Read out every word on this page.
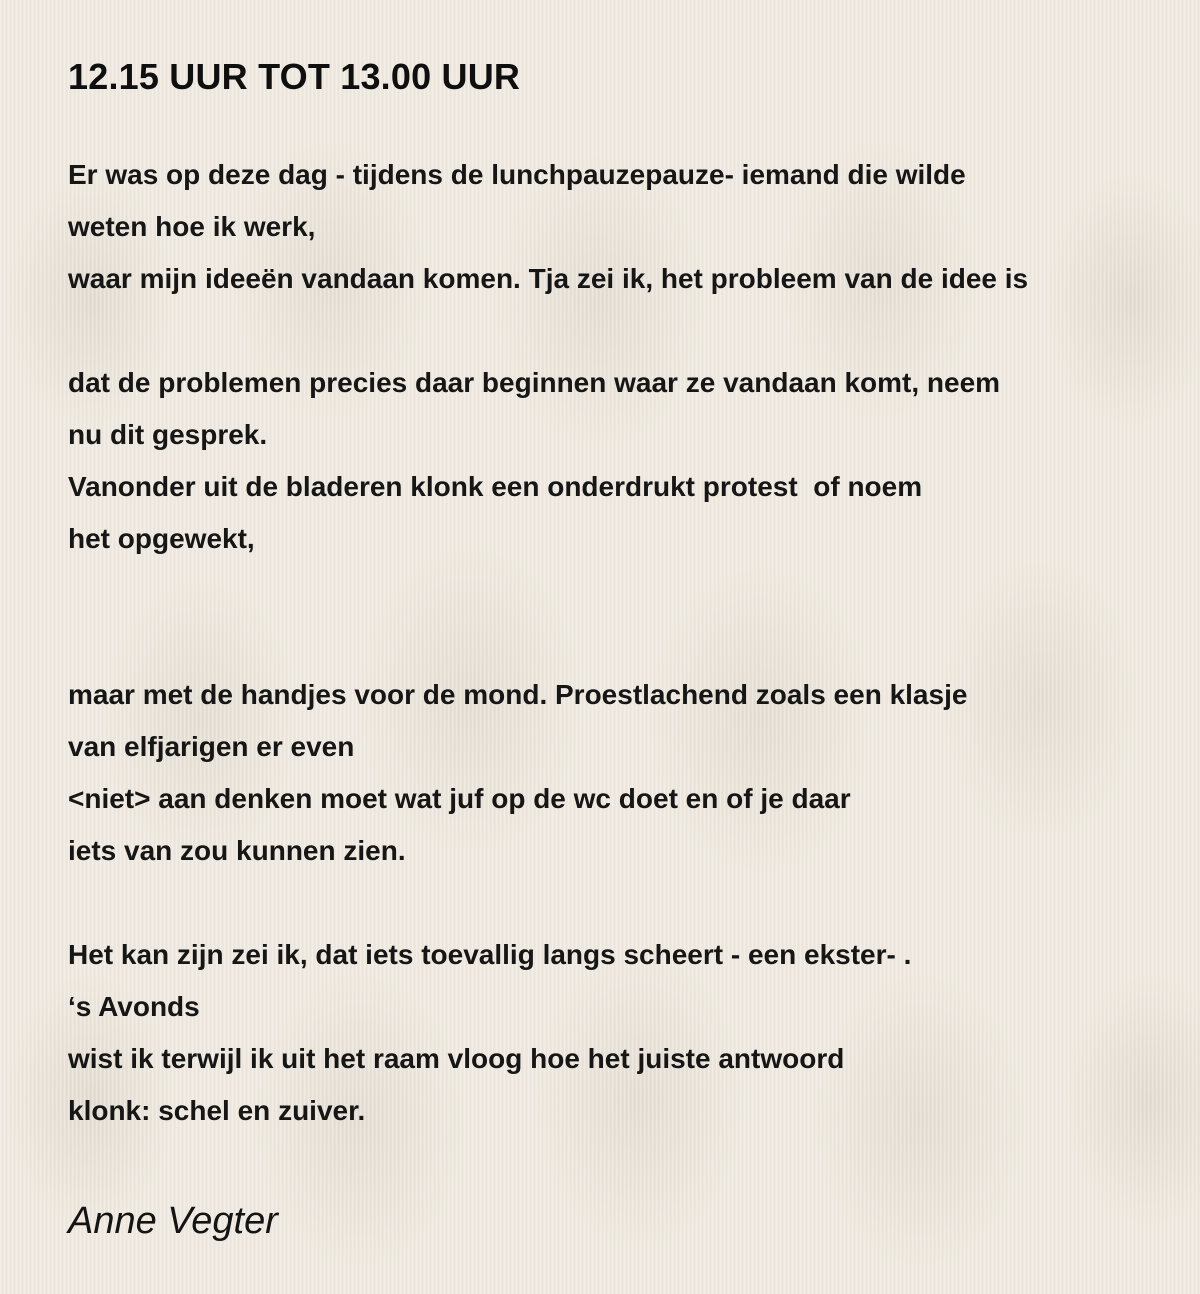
12.15 UUR TOT 13.00 UUR
Er was op deze dag - tijdens de lunchpauzepauze- iemand die wilde
weten hoe ik werk,
waar mijn ideeën vandaan komen. Tja zei ik, het probleem van de idee is
dat de problemen precies daar beginnen waar ze vandaan komt, neem
nu dit gesprek.
Vanonder uit de bladeren klonk een onderdrukt protest  of noem
het opgewekt,
maar met de handjes voor de mond. Proestlachend zoals een klasje
van elfjarigen er even
<niet> aan denken moet wat juf op de wc doet en of je daar
iets van zou kunnen zien.
Het kan zijn zei ik, dat iets toevallig langs scheert - een ekster- .
‘s Avonds
wist ik terwijl ik uit het raam vloog hoe het juiste antwoord
klonk: schel en zuiver.
Anne Vegter
